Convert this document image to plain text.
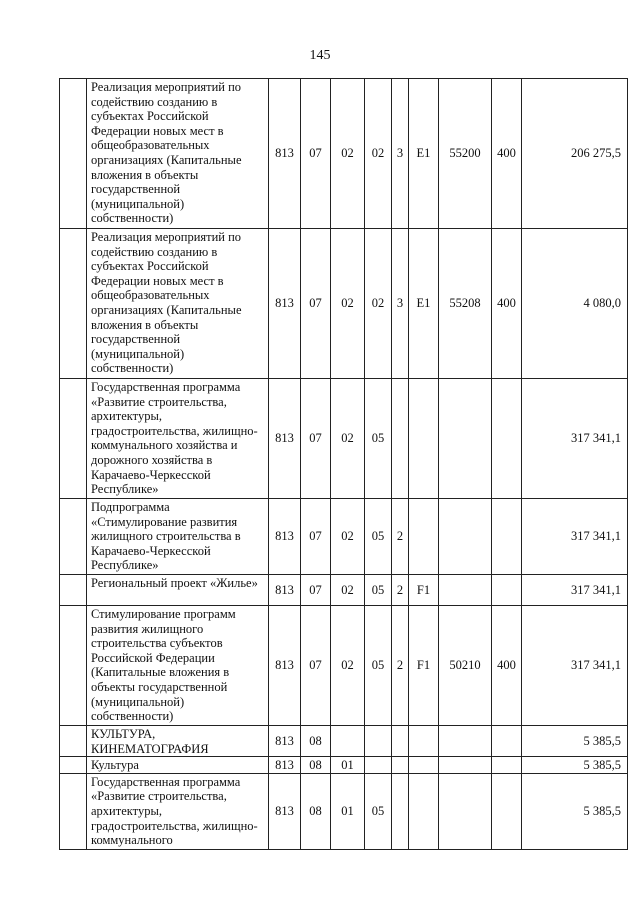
145
	Реализация мероприятий по содействию созданию в субъектах Российской Федерации новых мест в общеобразовательных организациях (Капитальные вложения в объекты государственной (муниципальной) собственности)	813	07	02	02	3	E1	55200	400	206 275,5
	Реализация мероприятий по содействию созданию в субъектах Российской Федерации новых мест в общеобразовательных организациях (Капитальные вложения в объекты государственной (муниципальной) собственности)	813	07	02	02	3	E1	55208	400	4 080,0
	Государственная программа «Развитие строительства, архитектуры, градостроительства, жилищно-коммунального хозяйства и дорожного хозяйства в Карачаево-Черкесской Республике»	813	07	02	05					317 341,1
	Подпрограмма «Стимулирование развития жилищного строительства в Карачаево-Черкесской Республике»	813	07	02	05	2				317 341,1
	Региональный проект «Жилье»	813	07	02	05	2	F1			317 341,1
	Стимулирование программ развития жилищного строительства субъектов Российской Федерации (Капитальные вложения в объекты государственной (муниципальной) собственности)	813	07	02	05	2	F1	50210	400	317 341,1
	КУЛЬТУРА, КИНЕМАТОГРАФИЯ	813	08							5 385,5
	Культура	813	08	01						5 385,5
	Государственная программа «Развитие строительства, архитектуры, градостроительства, жилищно-коммунального	813	08	01	05					5 385,5
